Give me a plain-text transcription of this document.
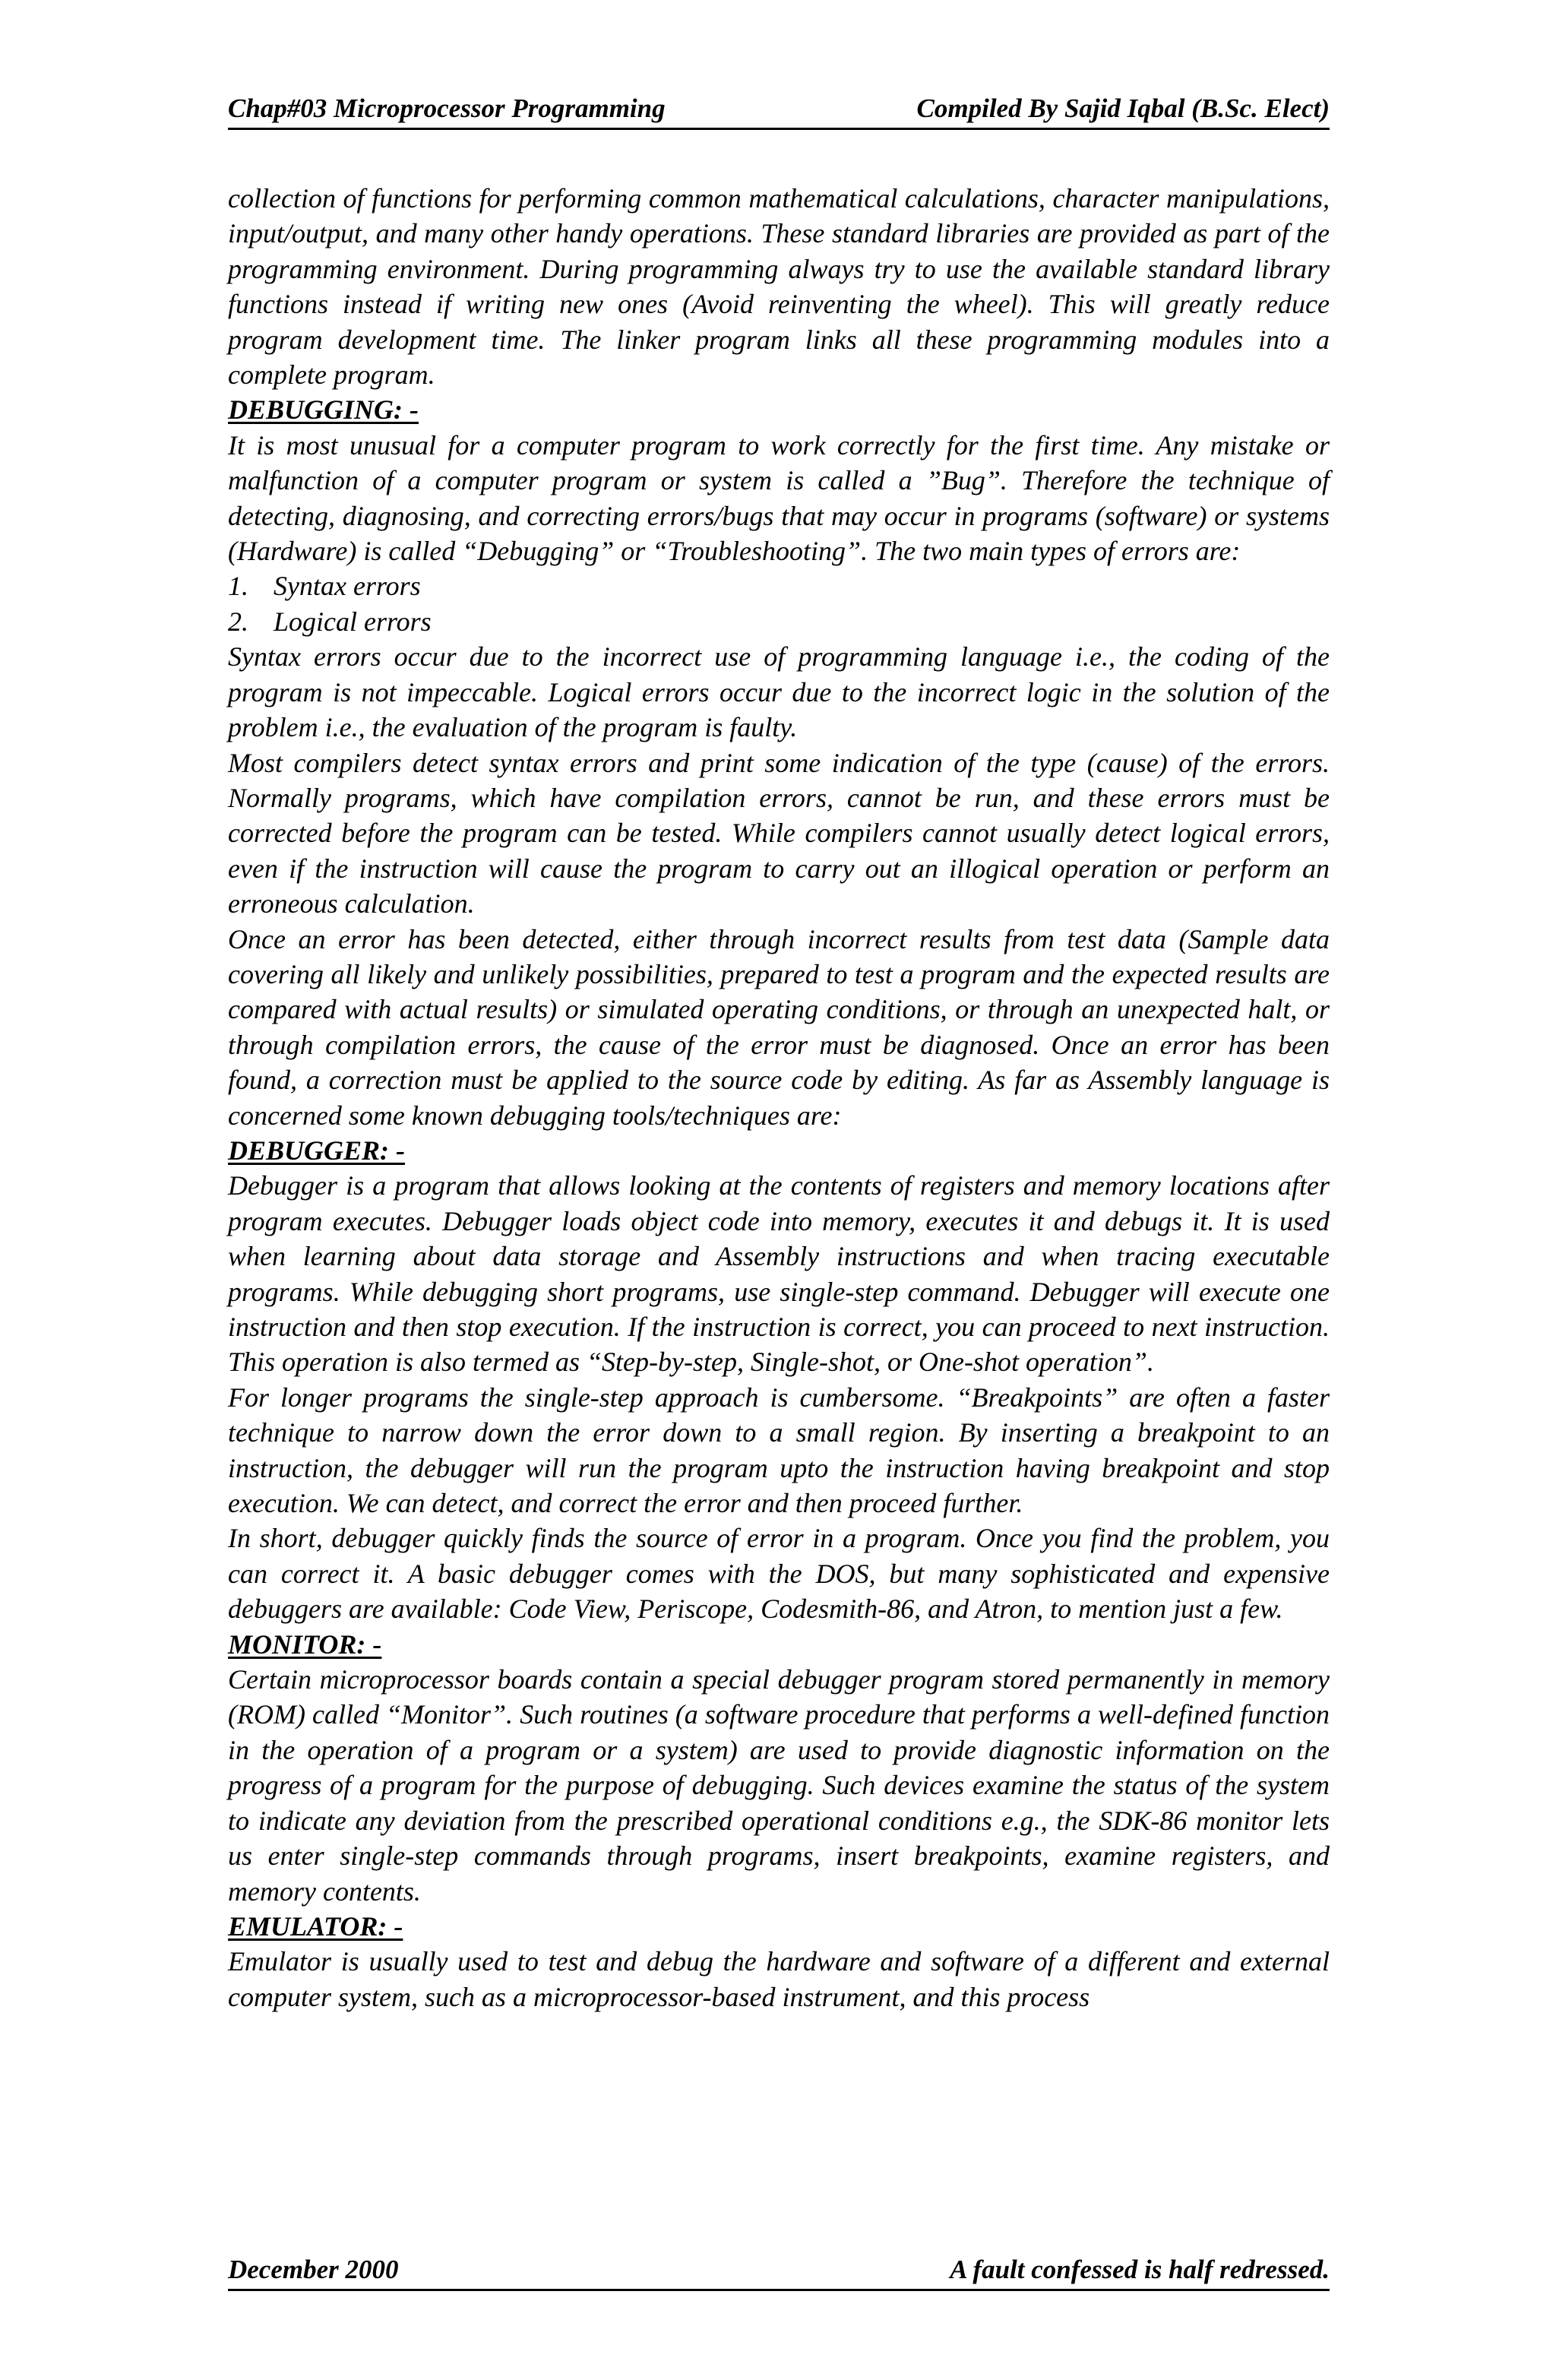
Chap#03 Microprocessor Programming	Compiled By Sajid Iqbal (B.Sc. Elect)

collection of functions for performing common mathematical calculations, character manipulations, input/output, and many other handy operations. These standard libraries are provided as part of the programming environment. During programming always try to use the available standard library functions instead if writing new ones (Avoid reinventing the wheel). This will greatly reduce program development time. The linker program links all these programming modules into a complete program.

DEBUGGING: -

It is most unusual for a computer program to work correctly for the first time. Any mistake or malfunction of a computer program or system is called a ”Bug”. Therefore the technique of detecting, diagnosing, and correcting errors/bugs that may occur in programs (software) or systems (Hardware) is called “Debugging” or “Troubleshooting”. The two main types of errors are:

1. Syntax errors
2. Logical errors

Syntax errors occur due to the incorrect use of programming language i.e., the coding of the program is not impeccable. Logical errors occur due to the incorrect logic in the solution of the problem i.e., the evaluation of the program is faulty.

Most compilers detect syntax errors and print some indication of the type (cause) of the errors. Normally programs, which have compilation errors, cannot be run, and these errors must be corrected before the program can be tested. While compilers cannot usually detect logical errors, even if the instruction will cause the program to carry out an illogical operation or perform an erroneous calculation.

Once an error has been detected, either through incorrect results from test data (Sample data covering all likely and unlikely possibilities, prepared to test a program and the expected results are compared with actual results) or simulated operating conditions, or through an unexpected halt, or through compilation errors, the cause of the error must be diagnosed. Once an error has been found, a correction must be applied to the source code by editing. As far as Assembly language is concerned some known debugging tools/techniques are:

DEBUGGER: -

Debugger is a program that allows looking at the contents of registers and memory locations after program executes. Debugger loads object code into memory, executes it and debugs it. It is used when learning about data storage and Assembly instructions and when tracing executable programs. While debugging short programs, use single-step command. Debugger will execute one instruction and then stop execution. If the instruction is correct, you can proceed to next instruction. This operation is also termed as “Step-by-step, Single-shot, or One-shot operation”.

For longer programs the single-step approach is cumbersome. “Breakpoints” are often a faster technique to narrow down the error down to a small region. By inserting a breakpoint to an instruction, the debugger will run the program upto the instruction having breakpoint and stop execution. We can detect, and correct the error and then proceed further.

In short, debugger quickly finds the source of error in a program. Once you find the problem, you can correct it. A basic debugger comes with the DOS, but many sophisticated and expensive debuggers are available: Code View, Periscope, Codesmith-86, and Atron, to mention just a few.

MONITOR: -

Certain microprocessor boards contain a special debugger program stored permanently in memory (ROM) called “Monitor”. Such routines (a software procedure that performs a well-defined function in the operation of a program or a system) are used to provide diagnostic information on the progress of a program for the purpose of debugging. Such devices examine the status of the system to indicate any deviation from the prescribed operational conditions e.g., the SDK-86 monitor lets us enter single-step commands through programs, insert breakpoints, examine registers, and memory contents.

EMULATOR: -

Emulator is usually used to test and debug the hardware and software of a different and external computer system, such as a microprocessor-based instrument, and this process

December 2000	A fault confessed is half redressed.
